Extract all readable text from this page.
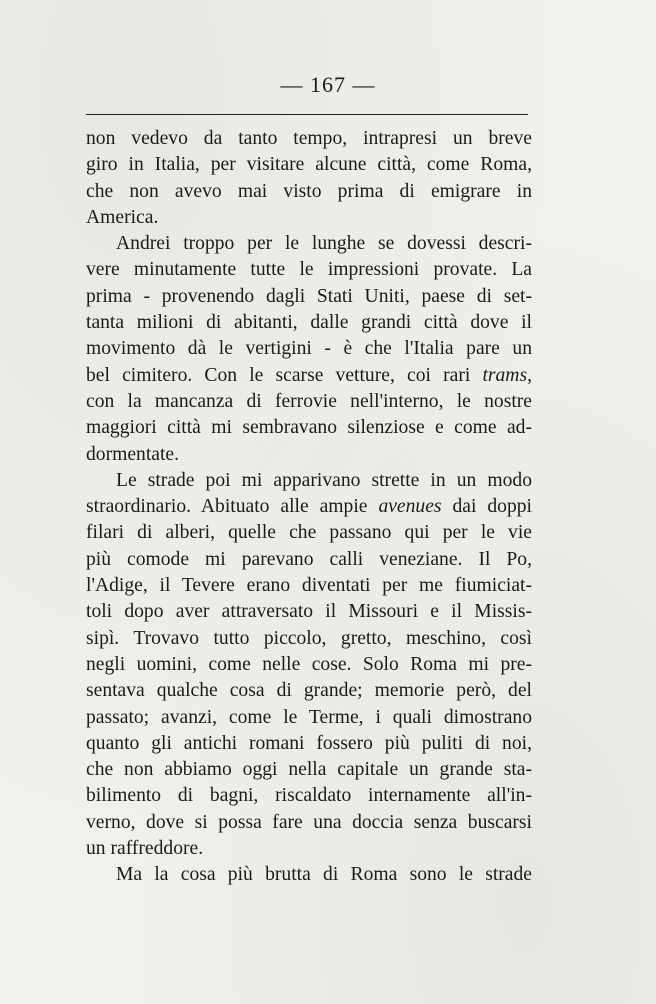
— 167 —
non vedevo da tanto tempo, intrapresi un breve
giro in Italia, per visitare alcune città, come Roma,
che non avevo mai visto prima di emigrare in
America.
Andrei troppo per le lunghe se dovessi descri-
vere minutamente tutte le impressioni provate. La
prima - provenendo dagli Stati Uniti, paese di set-
tanta milioni di abitanti, dalle grandi città dove il
movimento dà le vertigini - è che l'Italia pare un
bel cimitero. Con le scarse vetture, coi rari trams,
con la mancanza di ferrovie nell'interno, le nostre
maggiori città mi sembravano silenziose e come ad-
dormentate.
Le strade poi mi apparivano strette in un modo
straordinario. Abituato alle ampie avenues dai doppi
filari di alberi, quelle che passano qui per le vie
più comode mi parevano calli veneziane. Il Po,
l'Adige, il Tevere erano diventati per me fiumiciat-
toli dopo aver attraversato il Missouri e il Missis-
sipì. Trovavo tutto piccolo, gretto, meschino, così
negli uomini, come nelle cose. Solo Roma mi pre-
sentava qualche cosa di grande; memorie però, del
passato; avanzi, come le Terme, i quali dimostrano
quanto gli antichi romani fossero più puliti di noi,
che non abbiamo oggi nella capitale un grande sta-
bilimento di bagni, riscaldato internamente all'in-
verno, dove si possa fare una doccia senza buscarsi
un raffreddore.
Ma la cosa più brutta di Roma sono le strade
